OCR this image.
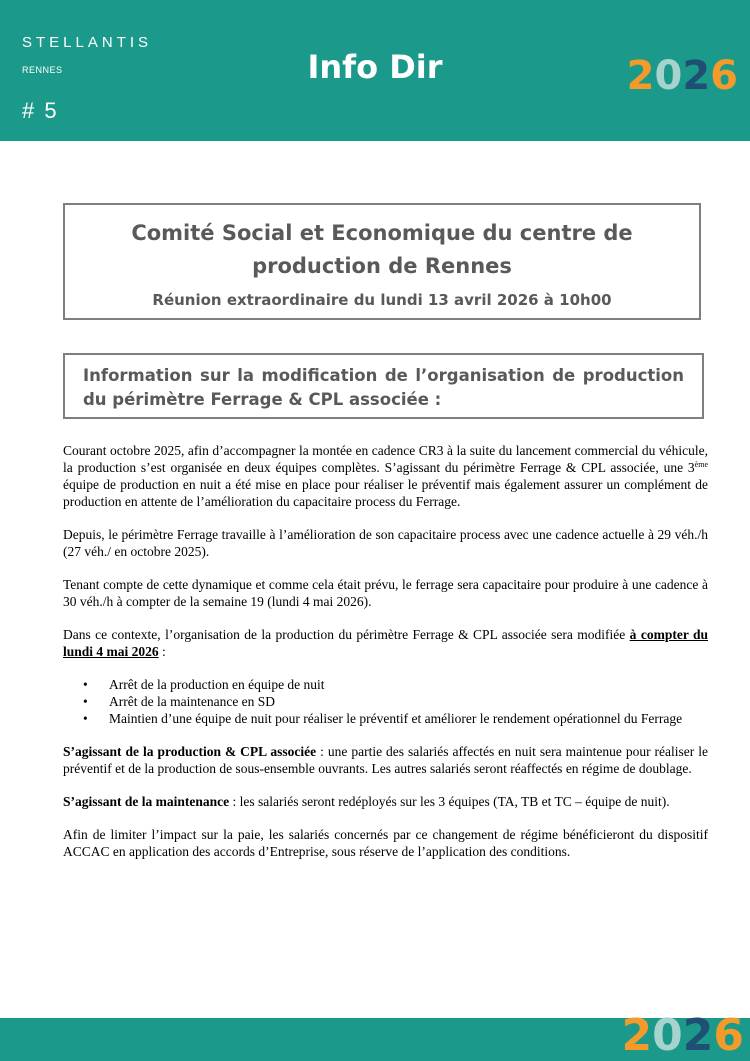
STELLANTIS
RENNES
# 5
Info Dir	2026
Comité Social et Economique du centre de production de Rennes
Réunion extraordinaire du lundi 13 avril 2026 à 10h00
Information sur la modification de l’organisation de production du périmètre Ferrage & CPL associée :

Courant octobre 2025, afin d’accompagner la montée en cadence CR3 à la suite du lancement commercial du véhicule, la production s’est organisée en deux équipes complètes. S’agissant du périmètre Ferrage & CPL associée, une 3ème équipe de production en nuit a été mise en place pour réaliser le préventif mais également assurer un complément de production en attente de l’amélioration du capacitaire process du Ferrage.

Depuis, le périmètre Ferrage travaille à l’amélioration de son capacitaire process avec une cadence actuelle à 29 véh./h (27 véh./ en octobre 2025).

Tenant compte de cette dynamique et comme cela était prévu, le ferrage sera capacitaire pour produire à une cadence à 30 véh./h à compter de la semaine 19 (lundi 4 mai 2026).

Dans ce contexte, l’organisation de la production du périmètre Ferrage & CPL associée sera modifiée à compter du lundi 4 mai 2026 :

• Arrêt de la production en équipe de nuit
• Arrêt de la maintenance en SD
• Maintien d’une équipe de nuit pour réaliser le préventif et améliorer le rendement opérationnel du Ferrage

S’agissant de la production & CPL associée : une partie des salariés affectés en nuit sera maintenue pour réaliser le préventif et de la production de sous-ensemble ouvrants. Les autres salariés seront réaffectés en régime de doublage.

S’agissant de la maintenance : les salariés seront redéployés sur les 3 équipes (TA, TB et TC – équipe de nuit).

Afin de limiter l’impact sur la paie, les salariés concernés par ce changement de régime bénéficieront du dispositif ACCAC en application des accords d’Entreprise, sous réserve de l’application des conditions.

2026
